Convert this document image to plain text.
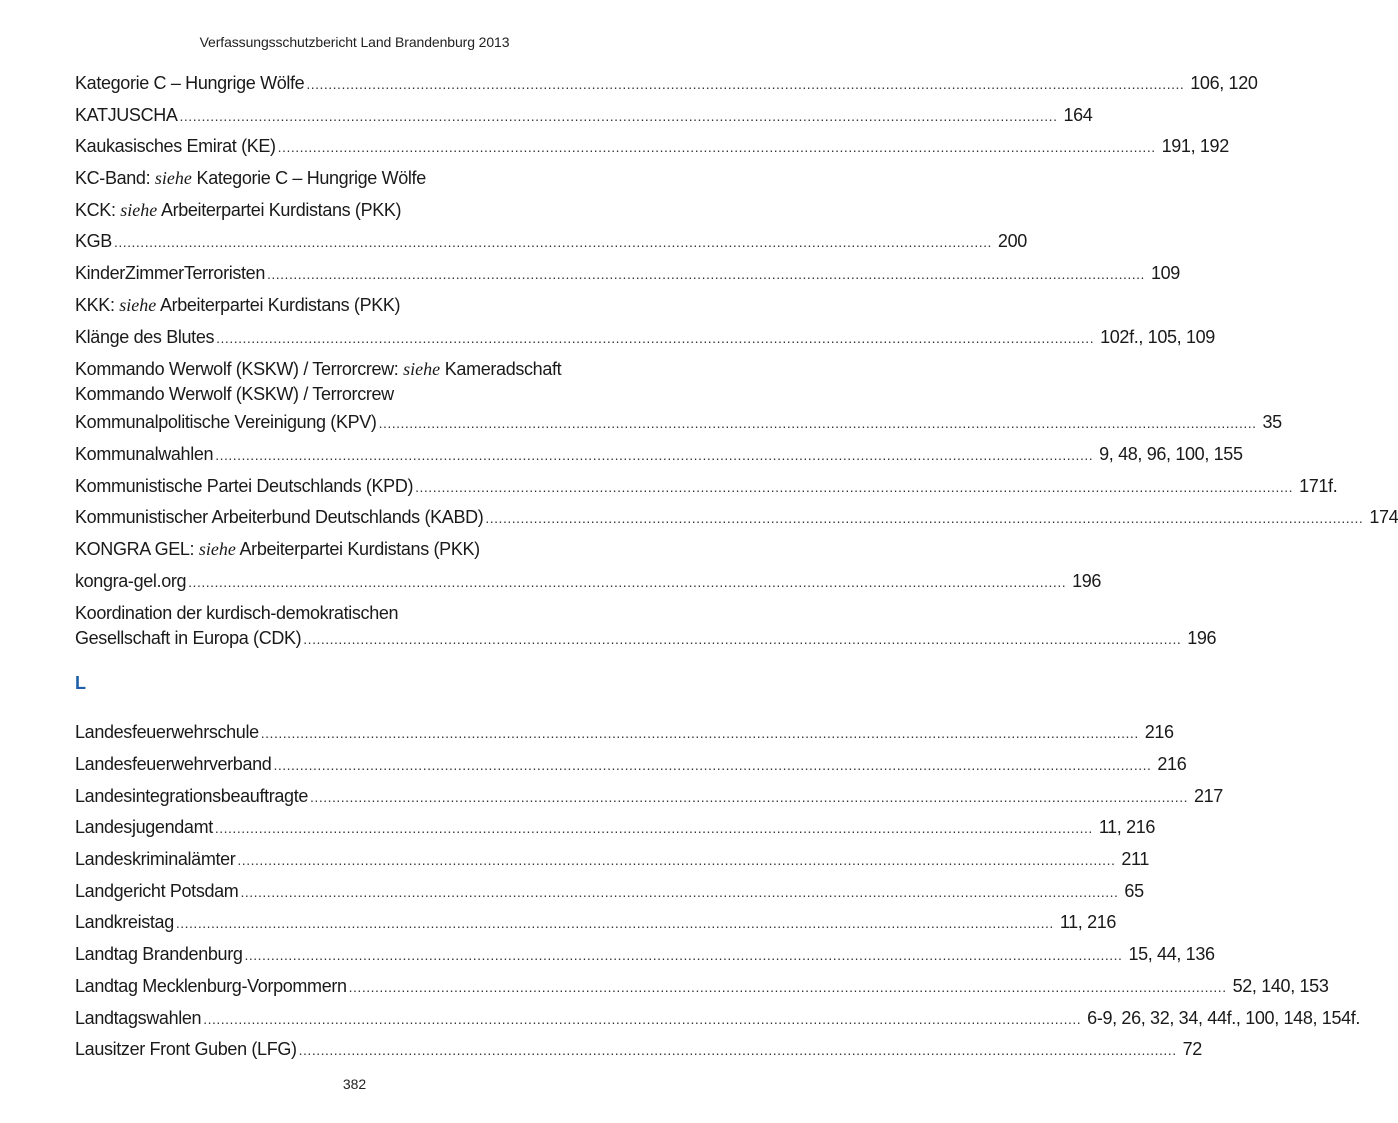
Verfassungsschutzbericht Land Brandenburg 2013
Kategorie C – Hungrige Wölfe ........................................................................................................................................................................................................ 106, 120
KATJUSCHA ........................................................................................................................................................................................................ 164
Kaukasisches Emirat (KE) ........................................................................................................................................................................................................ 191, 192
KC-Band: siehe Kategorie C – Hungrige Wölfe
KCK: siehe Arbeiterpartei Kurdistans (PKK)
KGB ........................................................................................................................................................................................................ 200
KinderZimmerTerroristen ........................................................................................................................................................................................................ 109
KKK: siehe Arbeiterpartei Kurdistans (PKK)
Klänge des Blutes ........................................................................................................................................................................................................ 102f., 105, 109
Kommando Werwolf (KSKW) / Terrorcrew: siehe Kameradschaft
Kommando Werwolf (KSKW) / Terrorcrew
Kommunalpolitische Vereinigung (KPV) ........................................................................................................................................................................................................ 35
Kommunalwahlen ........................................................................................................................................................................................................ 9, 48, 96, 100, 155
Kommunistische Partei Deutschlands (KPD) ........................................................................................................................................................................................................ 171f.
Kommunistischer Arbeiterbund Deutschlands (KABD) ........................................................................................................................................................................................................ 174
KONGRA GEL: siehe Arbeiterpartei Kurdistans (PKK)
kongra-gel.org ........................................................................................................................................................................................................ 196
Koordination der kurdisch-demokratischen
Gesellschaft in Europa (CDK) ........................................................................................................................................................................................................ 196
L
Landesfeuerwehrschule ........................................................................................................................................................................................................ 216
Landesfeuerwehrverband ........................................................................................................................................................................................................ 216
Landesintegrationsbeauftragte ........................................................................................................................................................................................................ 217
Landesjugendamt ........................................................................................................................................................................................................ 11, 216
Landeskriminalämter ........................................................................................................................................................................................................ 211
Landgericht Potsdam ........................................................................................................................................................................................................ 65
Landkreistag ........................................................................................................................................................................................................ 11, 216
Landtag Brandenburg ........................................................................................................................................................................................................ 15, 44, 136
Landtag Mecklenburg-Vorpommern ........................................................................................................................................................................................................ 52, 140, 153
Landtagswahlen ........................................................................................................................................................................................................ 6-9, 26, 32, 34, 44f., 100, 148, 154f.
Lausitzer Front Guben (LFG) ........................................................................................................................................................................................................ 72
382
